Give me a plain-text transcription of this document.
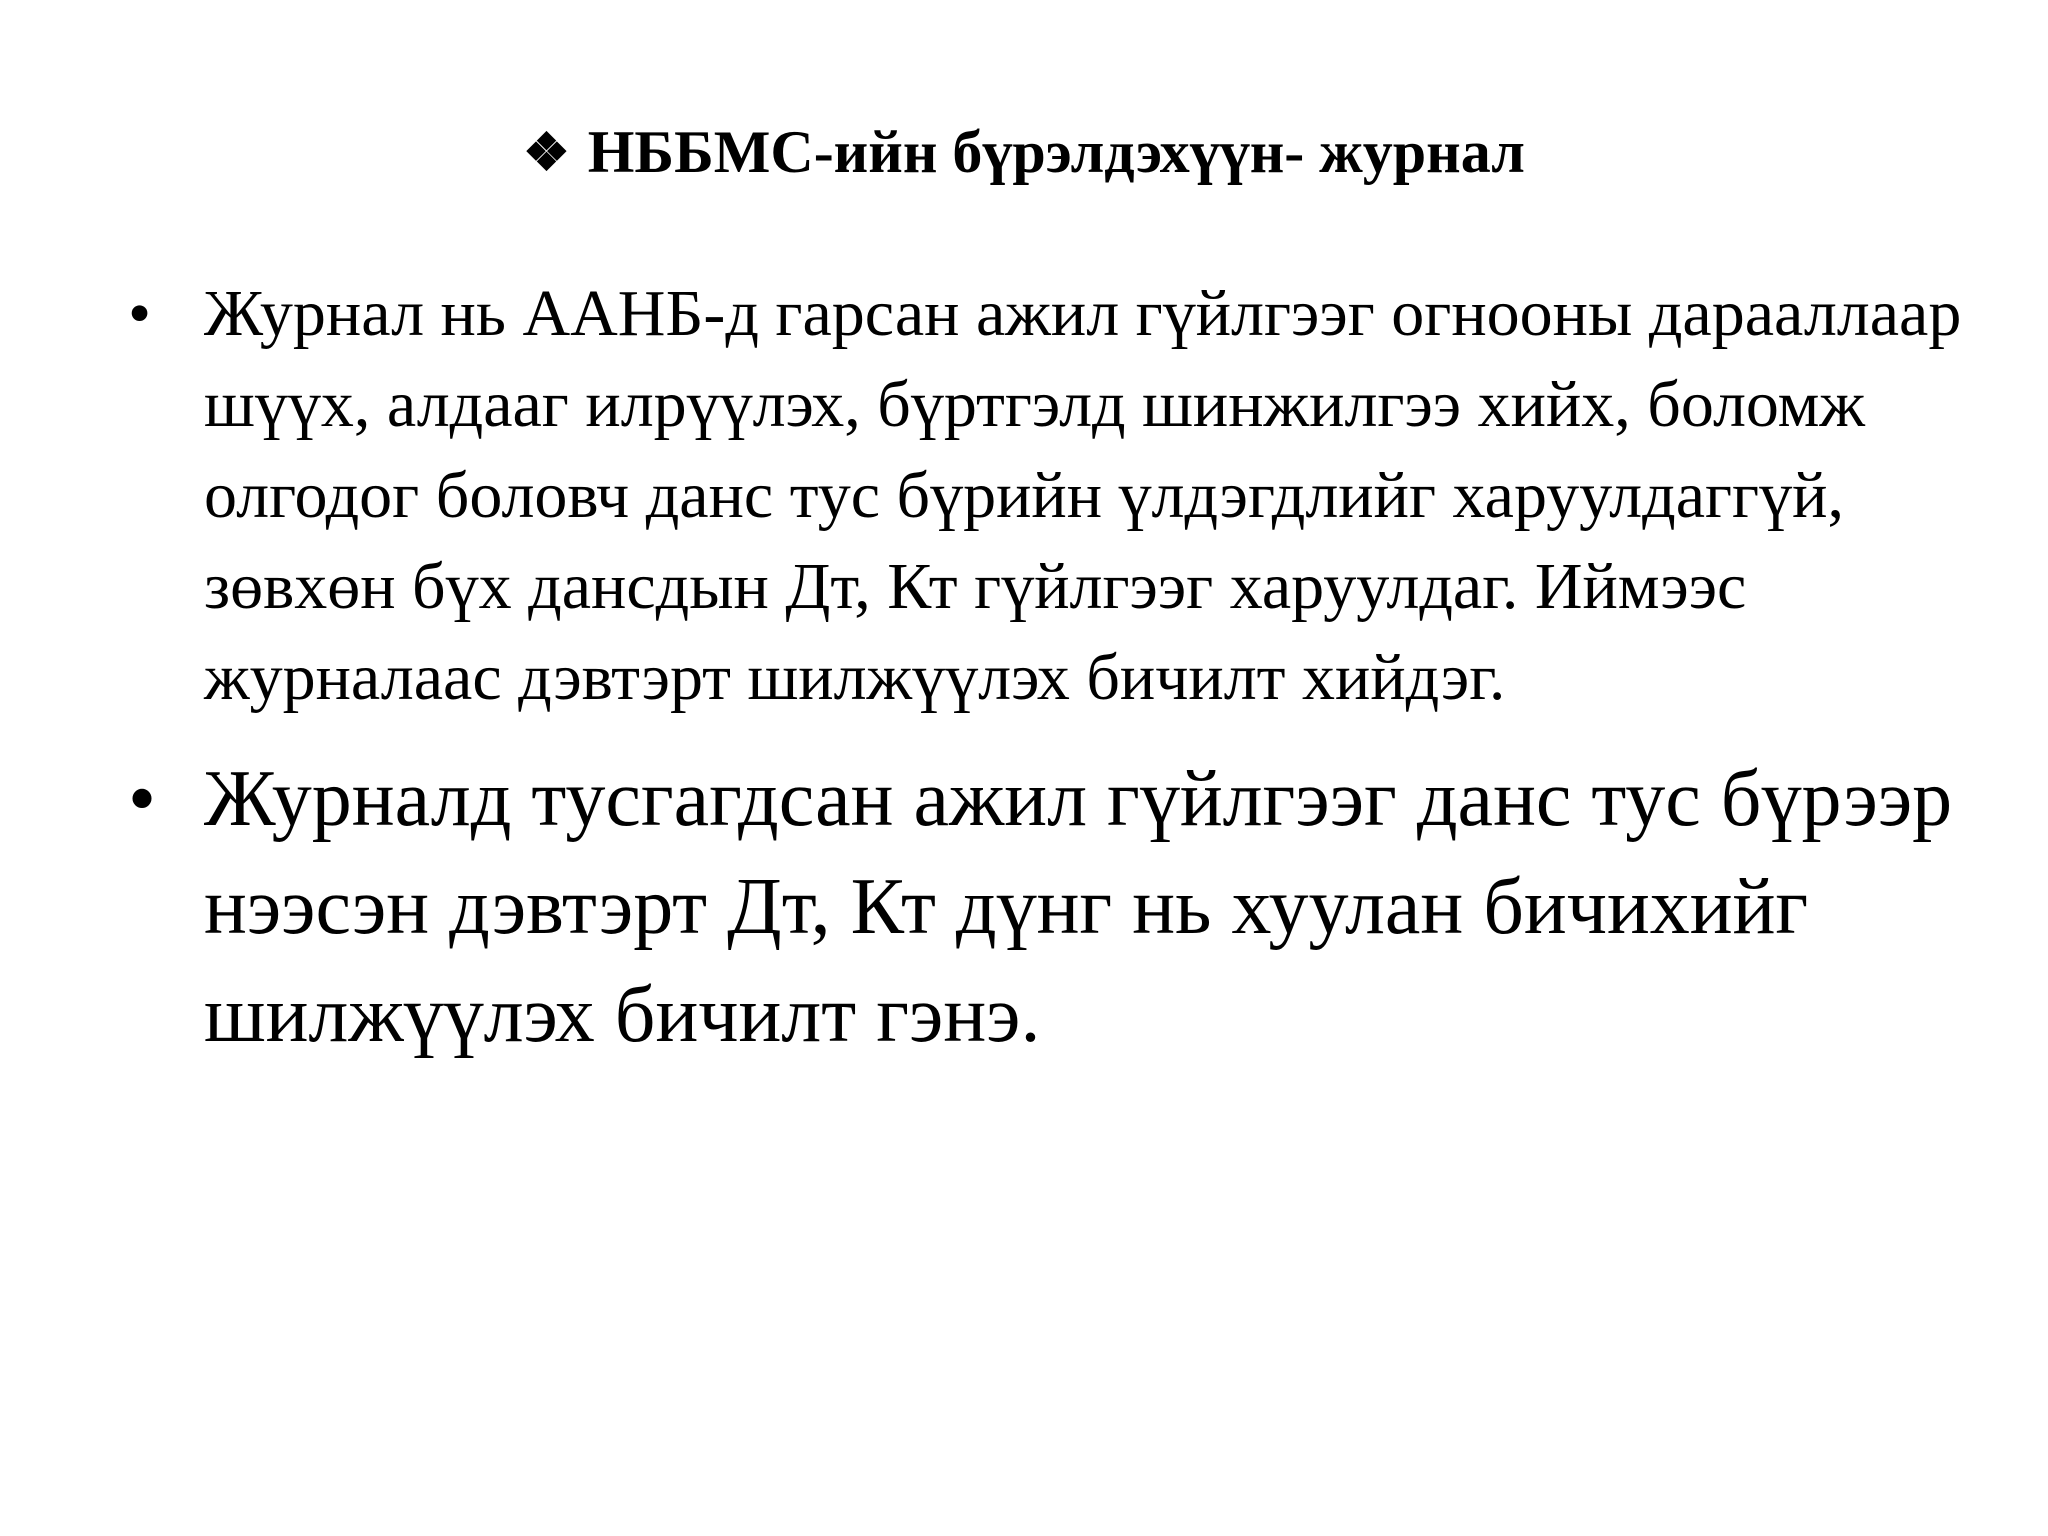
❖ НББМС-ийн бүрэлдэхүүн- журнал
• Журнал нь ААНБ-д гарсан ажил гүйлгээг огнооны дарааллаар шүүх, алдааг илрүүлэх, бүртгэлд шинжилгээ хийх, боломж олгодог боловч данс тус бүрийн үлдэгдлийг харуулдаггүй, зөвхөн бүх дансдын Дт, Кт гүйлгээг харуулдаг. Иймээс журналаас дэвтэрт шилжүүлэх бичилт хийдэг.
• Журналд тусгагдсан ажил гүйлгээг данс тус бүрээр нээсэн дэвтэрт Дт, Кт дүнг нь хуулан бичихийг шилжүүлэх бичилт гэнэ.
